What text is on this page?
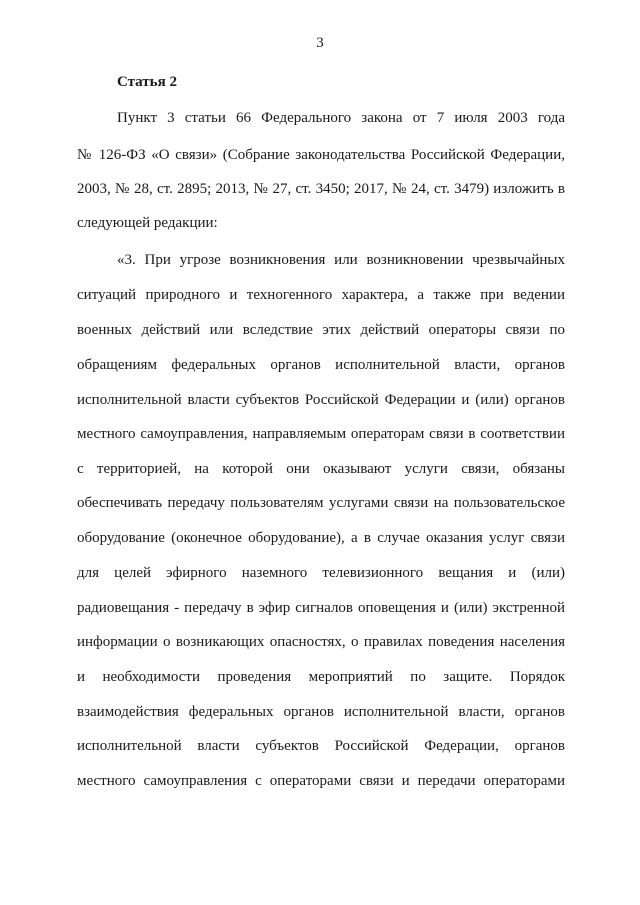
3
Статья 2
Пункт 3 статьи 66 Федерального закона от 7 июля 2003 года
№ 126-ФЗ «О связи» (Собрание законодательства Российской Федерации,
2003, № 28, ст. 2895; 2013, № 27, ст. 3450; 2017, № 24, ст. 3479) изложить в
следующей редакции:
«3. При угрозе возникновения или возникновении чрезвычайных
ситуаций природного и техногенного характера, а также при ведении
военных действий или вследствие этих действий операторы связи по
обращениям федеральных органов исполнительной власти, органов
исполнительной власти субъектов Российской Федерации и (или) органов
местного самоуправления, направляемым операторам связи в соответствии
с территорией, на которой они оказывают услуги связи, обязаны
обеспечивать передачу пользователям услугами связи на пользовательское
оборудование (оконечное оборудование), а в случае оказания услуг связи
для целей эфирного наземного телевизионного вещания и (или)
радиовещания - передачу в эфир сигналов оповещения и (или) экстренной
информации о возникающих опасностях, о правилах поведения населения
и необходимости проведения мероприятий по защите. Порядок
взаимодействия федеральных органов исполнительной власти, органов
исполнительной власти субъектов Российской Федерации, органов
местного самоуправления с операторами связи и передачи операторами
